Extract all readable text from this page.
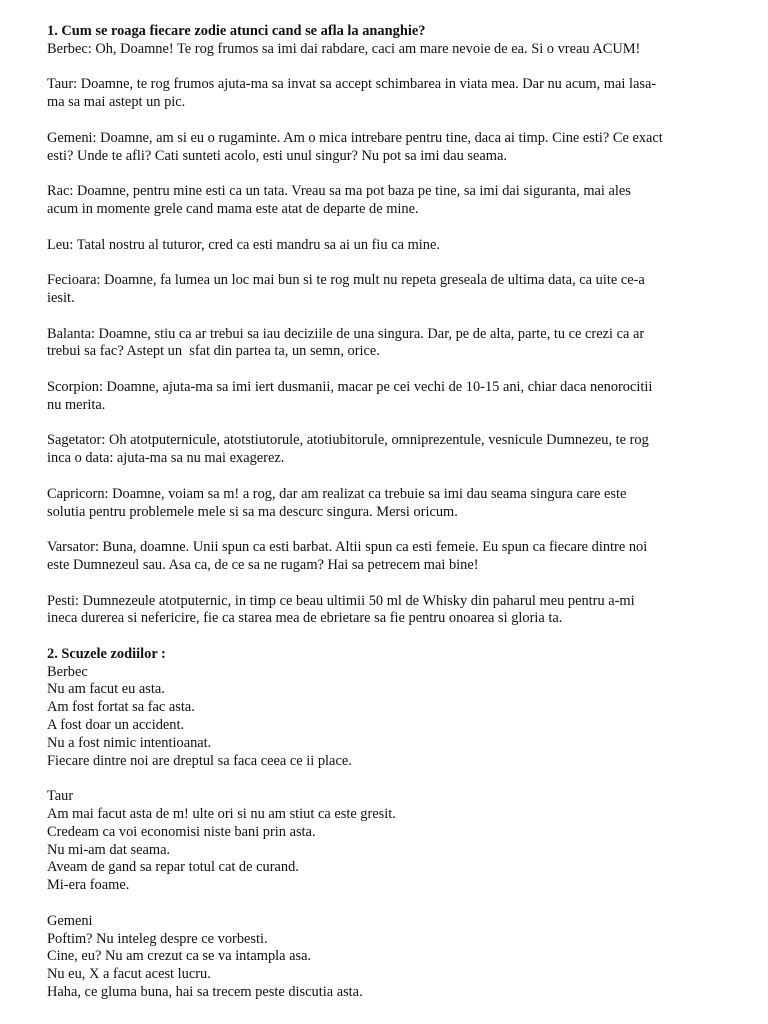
1. Cum se roaga fiecare zodie atunci cand se afla la ananghie?
Berbec: Oh, Doamne! Te rog frumos sa imi dai rabdare, caci am mare nevoie de ea. Si o vreau ACUM!
Taur: Doamne, te rog frumos ajuta-ma sa invat sa accept schimbarea in viata mea. Dar nu acum, mai lasa-
ma sa mai astept un pic.
Gemeni: Doamne, am si eu o rugaminte. Am o mica intrebare pentru tine, daca ai timp. Cine esti? Ce exact
esti? Unde te afli? Cati sunteti acolo, esti unul singur? Nu pot sa imi dau seama.
Rac: Doamne, pentru mine esti ca un tata. Vreau sa ma pot baza pe tine, sa imi dai siguranta, mai ales
acum in momente grele cand mama este atat de departe de mine.
Leu: Tatal nostru al tuturor, cred ca esti mandru sa ai un fiu ca mine.
Fecioara: Doamne, fa lumea un loc mai bun si te rog mult nu repeta greseala de ultima data, ca uite ce-a
iesit.
Balanta: Doamne, stiu ca ar trebui sa iau deciziile de una singura. Dar, pe de alta, parte, tu ce crezi ca ar
trebui sa fac? Astept un  sfat din partea ta, un semn, orice.
Scorpion: Doamne, ajuta-ma sa imi iert dusmanii, macar pe cei vechi de 10-15 ani, chiar daca nenorocitii
nu merita.
Sagetator: Oh atotputernicule, atotstiutorule, atotiubitorule, omniprezentule, vesnicule Dumnezeu, te rog
inca o data: ajuta-ma sa nu mai exagerez.
Capricorn: Doamne, voiam sa m! a rog, dar am realizat ca trebuie sa imi dau seama singura care este
solutia pentru problemele mele si sa ma descurc singura. Mersi oricum.
Varsator: Buna, doamne. Unii spun ca esti barbat. Altii spun ca esti femeie. Eu spun ca fiecare dintre noi
este Dumnezeul sau. Asa ca, de ce sa ne rugam? Hai sa petrecem mai bine!
Pesti: Dumnezeule atotputernic, in timp ce beau ultimii 50 ml de Whisky din paharul meu pentru a-mi
ineca durerea si nefericire, fie ca starea mea de ebrietare sa fie pentru onoarea si gloria ta.
2. Scuzele zodiilor :
Berbec
Nu am facut eu asta.
Am fost fortat sa fac asta.
A fost doar un accident.
Nu a fost nimic intentioanat.
Fiecare dintre noi are dreptul sa faca ceea ce ii place.
Taur
Am mai facut asta de m! ulte ori si nu am stiut ca este gresit.
Credeam ca voi economisi niste bani prin asta.
Nu mi-am dat seama.
Aveam de gand sa repar totul cat de curand.
Mi-era foame.
Gemeni
Poftim? Nu inteleg despre ce vorbesti.
Cine, eu? Nu am crezut ca se va intampla asa.
Nu eu, X a facut acest lucru.
Haha, ce gluma buna, hai sa trecem peste discutia asta.
